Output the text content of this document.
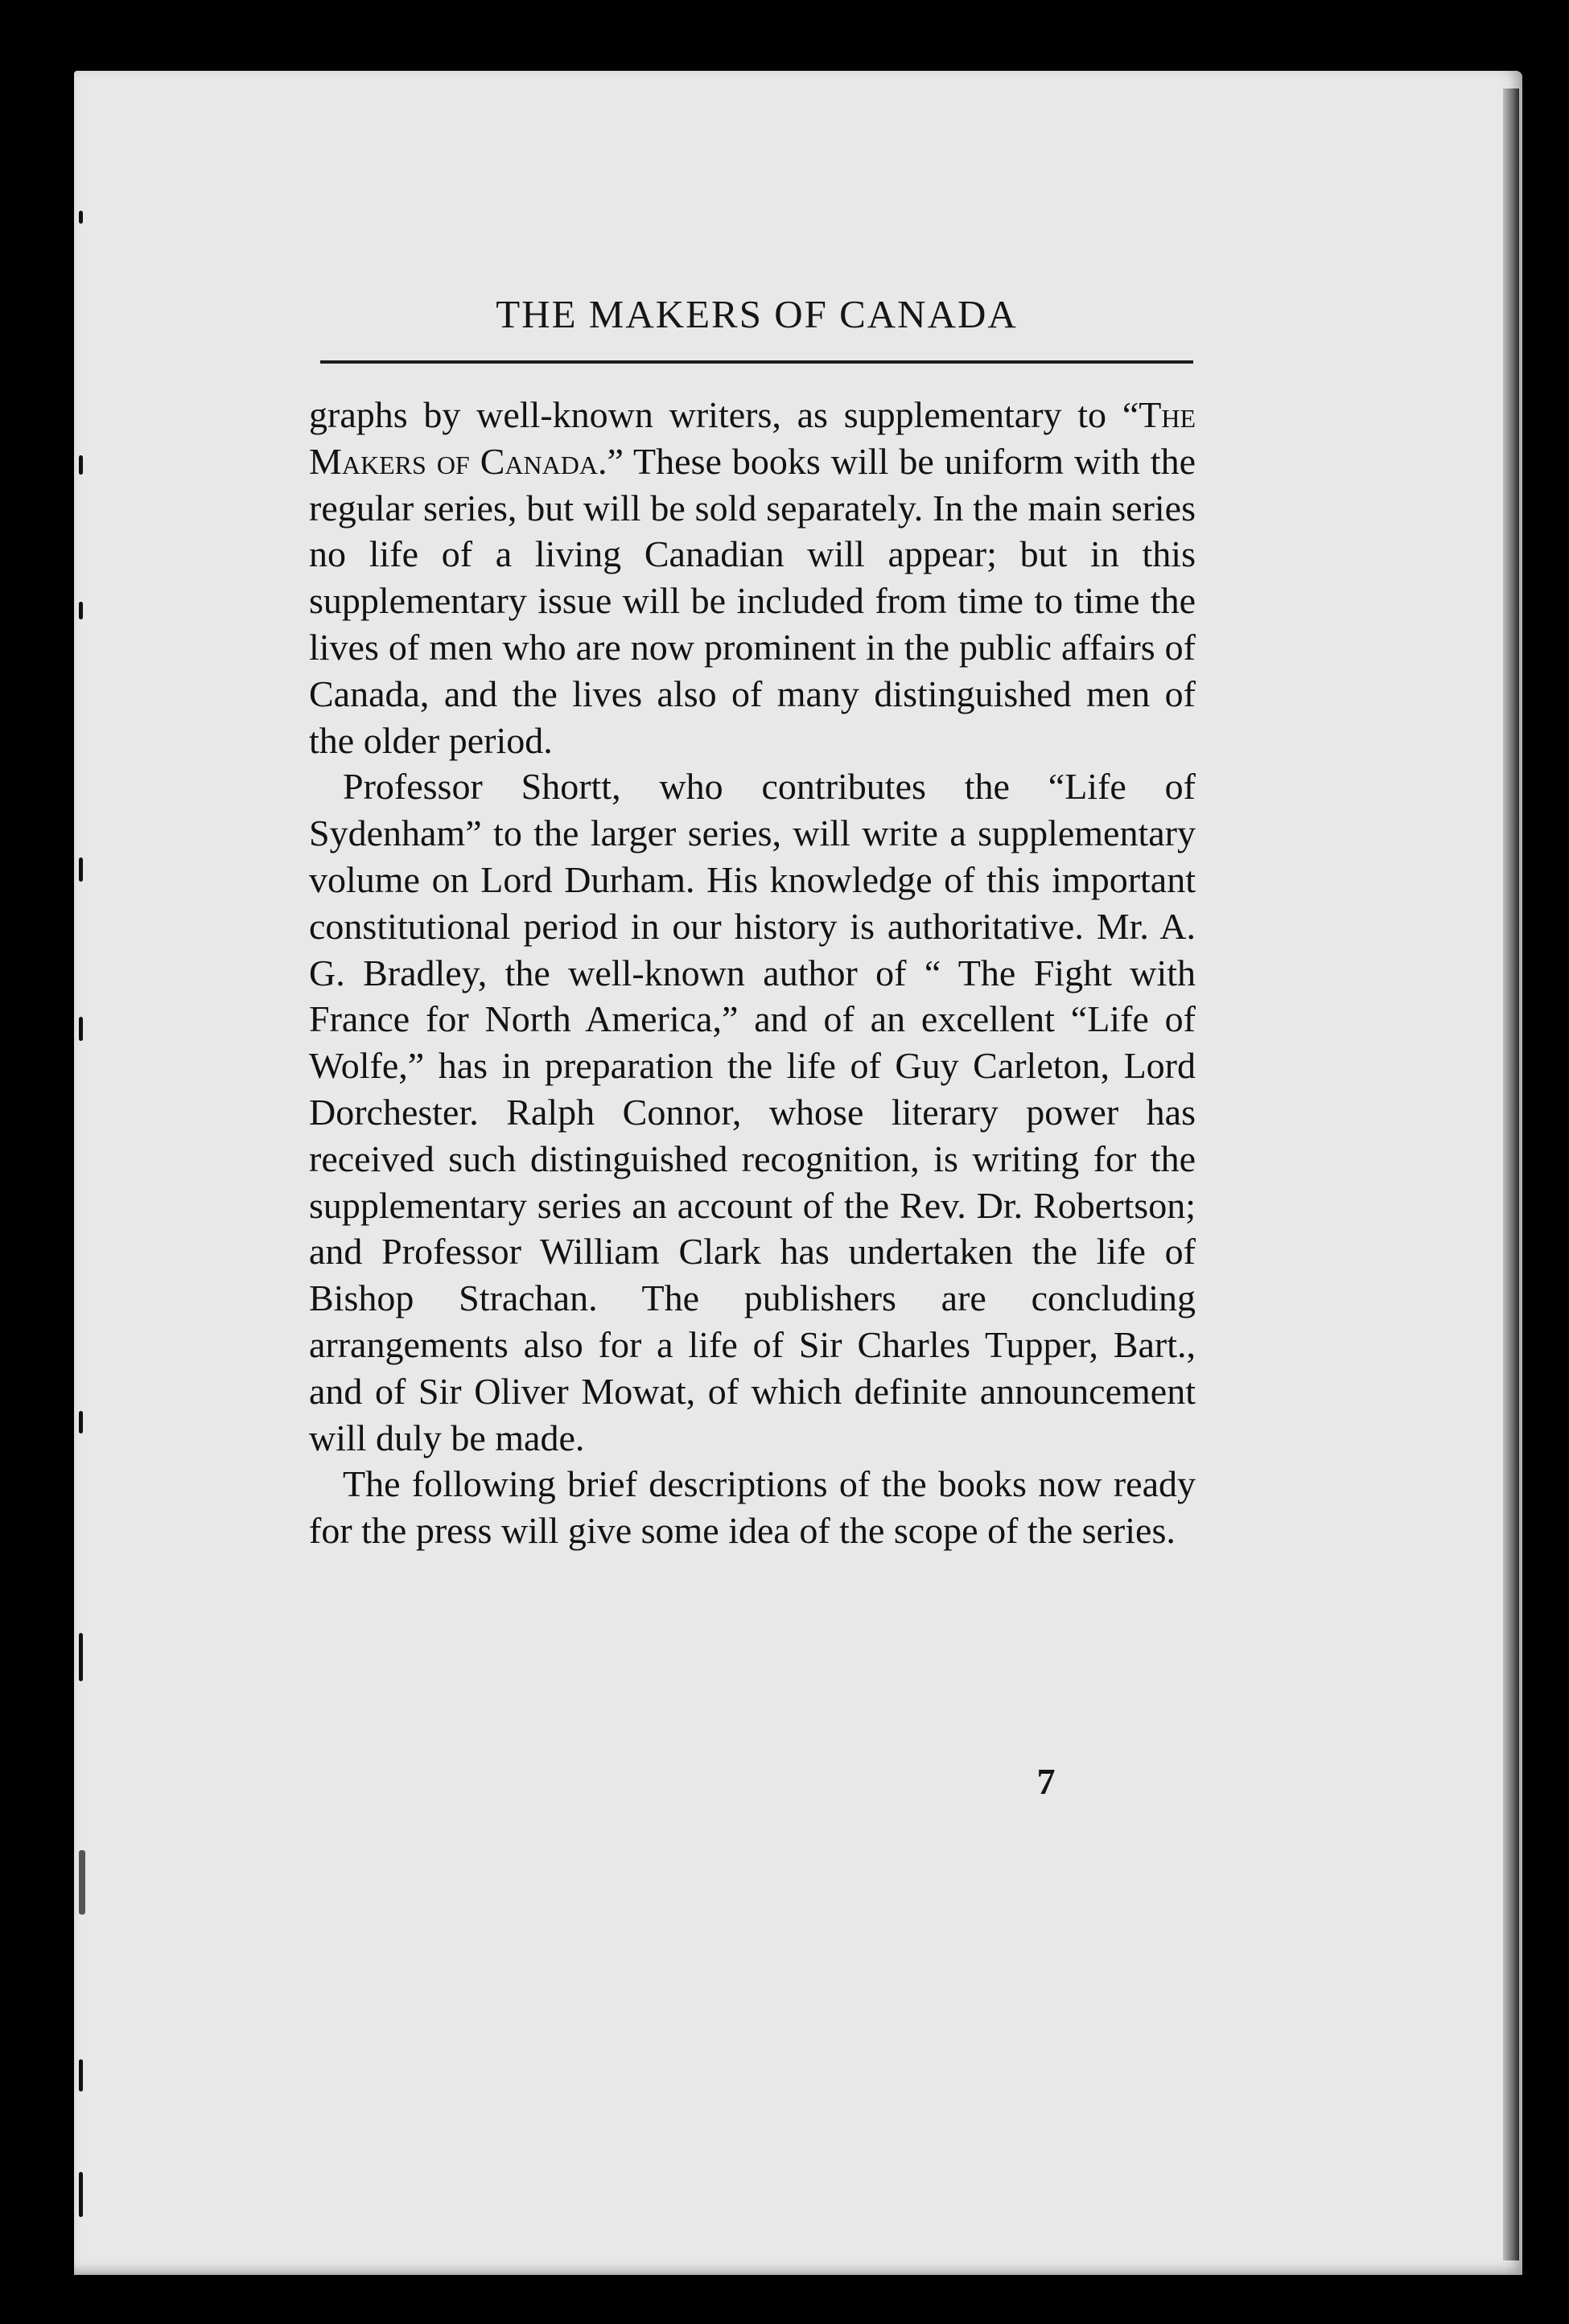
THE MAKERS OF CANADA

graphs by well-known writers, as supplementary to “The Makers of Canada.” These books will be uniform with the regular series, but will be sold separately. In the main series no life of a living Canadian will appear; but in this supplementary issue will be included from time to time the lives of men who are now prominent in the public affairs of Canada, and the lives also of many distinguished men of the older period.

Professor Shortt, who contributes the “Life of Sydenham” to the larger series, will write a supplementary volume on Lord Durham. His knowledge of this important constitutional period in our history is authoritative. Mr. A. G. Bradley, the well-known author of “ The Fight with France for North America,” and of an excellent “Life of Wolfe,” has in preparation the life of Guy Carleton, Lord Dorchester. Ralph Connor, whose literary power has received such distinguished recognition, is writing for the supplementary series an account of the Rev. Dr. Robertson; and Professor William Clark has undertaken the life of Bishop Strachan. The publishers are concluding arrangements also for a life of Sir Charles Tupper, Bart., and of Sir Oliver Mowat, of which definite announcement will duly be made.

The following brief descriptions of the books now ready for the press will give some idea of the scope of the series.

7
